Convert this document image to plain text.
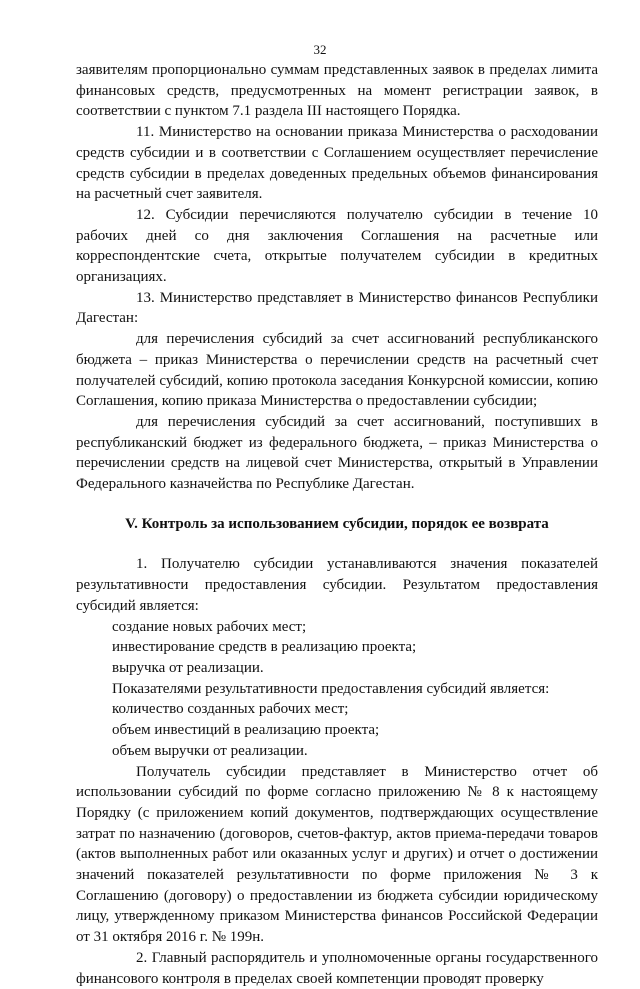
32

заявителям пропорционально суммам представленных заявок в пределах лимита финансовых средств, предусмотренных на момент регистрации заявок, в соответствии с пунктом 7.1 раздела III настоящего Порядка.

11. Министерство на основании приказа Министерства о расходовании средств субсидии и в соответствии с Соглашением осуществляет перечисление средств субсидии в пределах доведенных предельных объемов финансирования на расчетный счет заявителя.

12. Субсидии перечисляются получателю субсидии в течение 10 рабочих дней со дня заключения Соглашения на расчетные или корреспондентские счета, открытые получателем субсидии в кредитных организациях.

13. Министерство представляет в Министерство финансов Республики Дагестан:

для перечисления субсидий за счет ассигнований республиканского бюджета – приказ Министерства о перечислении средств на расчетный счет получателей субсидий, копию протокола заседания Конкурсной комиссии, копию Соглашения, копию приказа Министерства о предоставлении субсидии;

для перечисления субсидий за счет ассигнований, поступивших в республиканский бюджет из федерального бюджета, – приказ Министерства о перечислении средств на лицевой счет Министерства, открытый в Управлении Федерального казначейства по Республике Дагестан.

V. Контроль за использованием субсидии, порядок ее возврата

1. Получателю субсидии устанавливаются значения показателей результативности предоставления субсидии. Результатом предоставления субсидий является:

создание новых рабочих мест;

инвестирование средств в реализацию проекта;

выручка от реализации.

Показателями результативности предоставления субсидий является:

количество созданных рабочих мест;

объем инвестиций в реализацию проекта;

объем выручки от реализации.

Получатель субсидии представляет в Министерство отчет об использовании субсидий по форме согласно приложению № 8 к настоящему Порядку (с приложением копий документов, подтверждающих осуществление затрат по назначению (договоров, счетов-фактур, актов приема-передачи товаров (актов выполненных работ или оказанных услуг и других) и отчет о достижении значений показателей результативности по форме приложения № 3 к Соглашению (договору) о предоставлении из бюджета субсидии юридическому лицу, утвержденному приказом Министерства финансов Российской Федерации от 31 октября 2016 г. № 199н.

2. Главный распорядитель и уполномоченные органы государственного финансового контроля в пределах своей компетенции проводят проверку
